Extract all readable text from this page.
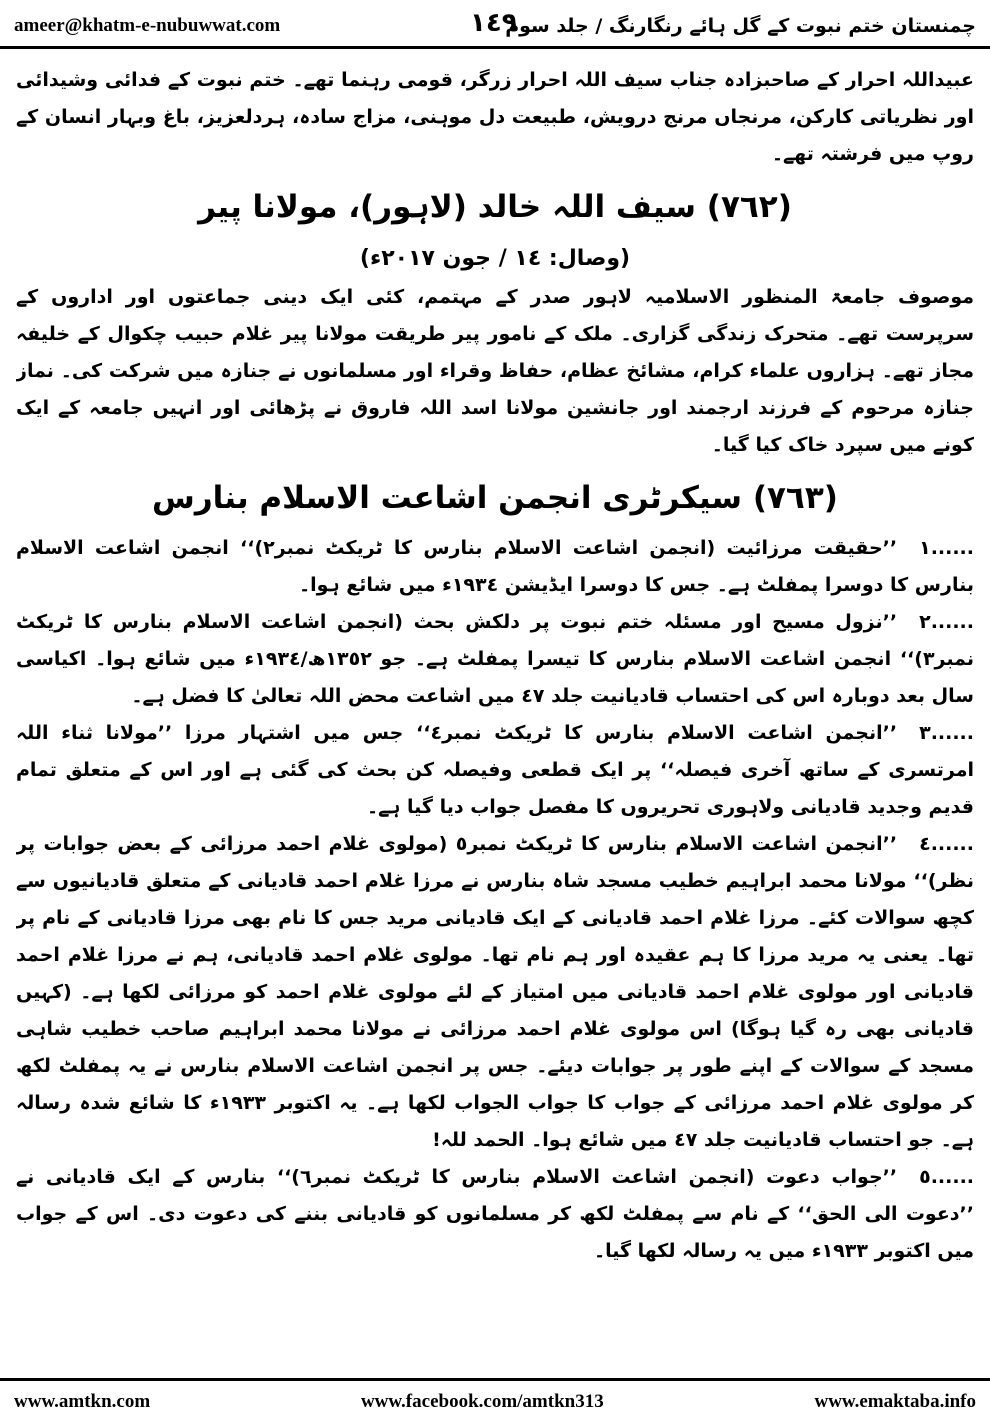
ameer@khatm-e-nubuwwat.com	١٤٩
چمنستان ختم نبوت کے گل ہائے رنگارنگ / جلد سوم

عبیداللہ احرار کے صاحبزادہ جناب سیف اللہ احرار زرگر، قومی رہنما تھے۔ ختم نبوت کے فدائی وشیدائی اور نظریاتی کارکن، مرنجاں مرنج درویش، طبیعت دل موہنی، مزاج سادہ، ہردلعزیز، باغ وبہار انسان کے روپ میں فرشتہ تھے۔

(٧٦٢) سیف اللہ خالد (لاہور)، مولانا پیر
(وصال: ١٤ / جون ٢٠١٧ء)

موصوف جامعۃ المنظور الاسلامیہ لاہور صدر کے مہتمم، کئی ایک دینی جماعتوں اور اداروں کے سرپرست تھے۔ متحرک زندگی گزاری۔ ملک کے نامور پیر طریقت مولانا پیر غلام حبیب چکوال کے خلیفہ مجاز تھے۔ ہزاروں علماء کرام، مشائخ عظام، حفاظ وقراء اور مسلمانوں نے جنازہ میں شرکت کی۔ نماز جنازہ مرحوم کے فرزند ارجمند اور جانشین مولانا اسد اللہ فاروق نے پڑھائی اور انہیں جامعہ کے ایک کونے میں سپرد خاک کیا گیا۔

(٧٦٣) سیکرٹری انجمن اشاعت الاسلام بنارس

١......’’حقیقت مرزائیت (انجمن اشاعت الاسلام بنارس کا ٹریکٹ نمبر٢)‘‘ انجمن اشاعت الاسلام بنارس کا دوسرا پمفلٹ ہے۔ جس کا دوسرا ایڈیشن ١٩٣٤ء میں شائع ہوا۔

٢......’’نزول مسیح اور مسئلہ ختم نبوت پر دلکش بحث (انجمن اشاعت الاسلام بنارس کا ٹریکٹ نمبر٣)‘‘ انجمن اشاعت الاسلام بنارس کا تیسرا پمفلٹ ہے۔ جو ١٣٥٢ھ/١٩٣٤ء میں شائع ہوا۔ اکیاسی سال بعد دوبارہ اس کی احتساب قادیانیت جلد ٤٧ میں اشاعت محض اللہ تعالیٰ کا فضل ہے۔

٣......’’انجمن اشاعت الاسلام بنارس کا ٹریکٹ نمبر٤‘‘ جس میں اشتہار مرزا ’’مولانا ثناء اللہ امرتسری کے ساتھ آخری فیصلہ‘‘ پر ایک قطعی وفیصلہ کن بحث کی گئی ہے اور اس کے متعلق تمام قدیم وجدید قادیانی ولاہوری تحریروں کا مفصل جواب دیا گیا ہے۔

٤......’’انجمن اشاعت الاسلام بنارس کا ٹریکٹ نمبر٥ (مولوی غلام احمد مرزائی کے بعض جوابات پر نظر)‘‘ مولانا محمد ابراہیم خطیب مسجد شاہ بنارس نے مرزا غلام احمد قادیانی کے متعلق قادیانیوں سے کچھ سوالات کئے۔ مرزا غلام احمد قادیانی کے ایک قادیانی مرید جس کا نام بھی مرزا قادیانی کے نام پر تھا۔ یعنی یہ مرید مرزا کا ہم عقیدہ اور ہم نام تھا۔ مولوی غلام احمد قادیانی، ہم نے مرزا غلام احمد قادیانی اور مولوی غلام احمد قادیانی میں امتیاز کے لئے مولوی غلام احمد کو مرزائی لکھا ہے۔ (کہیں قادیانی بھی رہ گیا ہوگا) اس مولوی غلام احمد مرزائی نے مولانا محمد ابراہیم صاحب خطیب شاہی مسجد کے سوالات کے اپنے طور پر جوابات دیئے۔ جس پر انجمن اشاعت الاسلام بنارس نے یہ پمفلٹ لکھ کر مولوی غلام احمد مرزائی کے جواب کا جواب الجواب لکھا ہے۔ یہ اکتوبر ١٩٣٣ء کا شائع شدہ رسالہ ہے۔ جو احتساب قادیانیت جلد ٤٧ میں شائع ہوا۔ الحمد للہ!

٥......’’جواب دعوت (انجمن اشاعت الاسلام بنارس کا ٹریکٹ نمبر٦)‘‘ بنارس کے ایک قادیانی نے ’’دعوت الی الحق‘‘ کے نام سے پمفلٹ لکھ کر مسلمانوں کو قادیانی بننے کی دعوت دی۔ اس کے جواب میں اکتوبر ١٩٣٣ء میں یہ رسالہ لکھا گیا۔

www.amtkn.com	www.facebook.com/amtkn313	www.emaktaba.info
